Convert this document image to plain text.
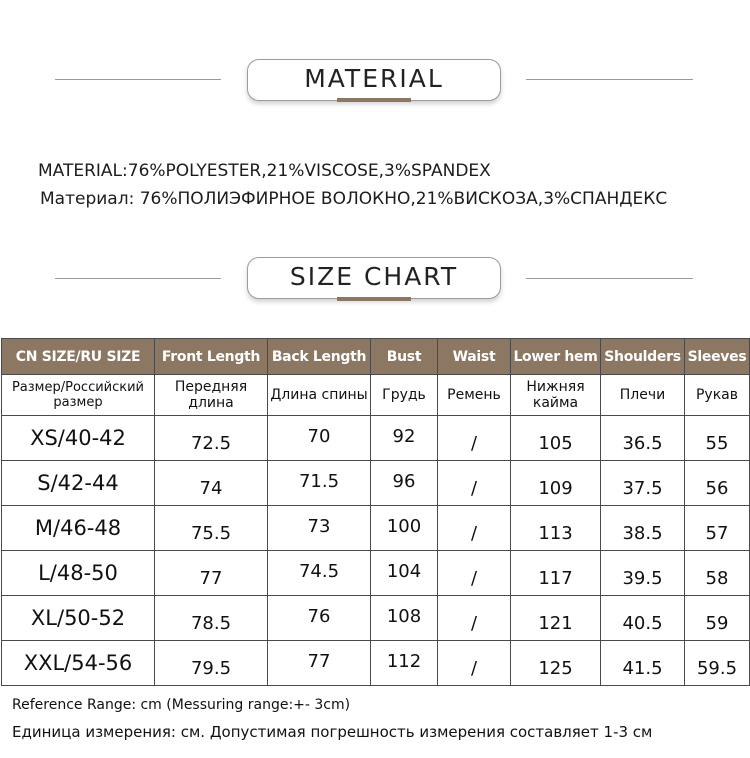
MATERIAL
MATERIAL:76%POLYESTER,21%VISCOSE,3%SPANDEX
Материал: 76%ПОЛИЭФИРНОЕ ВОЛОКНО,21%ВИСКОЗА,3%СПАНДЕКС
SIZE CHART
CN SIZE/RU SIZE	Front Length	Back Length	Bust	Waist	Lower hem	Shoulders	Sleeves
Размер/Российский размер	Передняя длина	Длина спины	Грудь	Ремень	Нижняя кайма	Плечи	Рукав
XS/40-42	72.5	70	92	/	105	36.5	55
S/42-44	74	71.5	96	/	109	37.5	56
M/46-48	75.5	73	100	/	113	38.5	57
L/48-50	77	74.5	104	/	117	39.5	58
XL/50-52	78.5	76	108	/	121	40.5	59
XXL/54-56	79.5	77	112	/	125	41.5	59.5
Reference Range: cm (Messuring range:+- 3cm)
Единица измерения: см. Допустимая погрешность измерения составляет 1-3 см
